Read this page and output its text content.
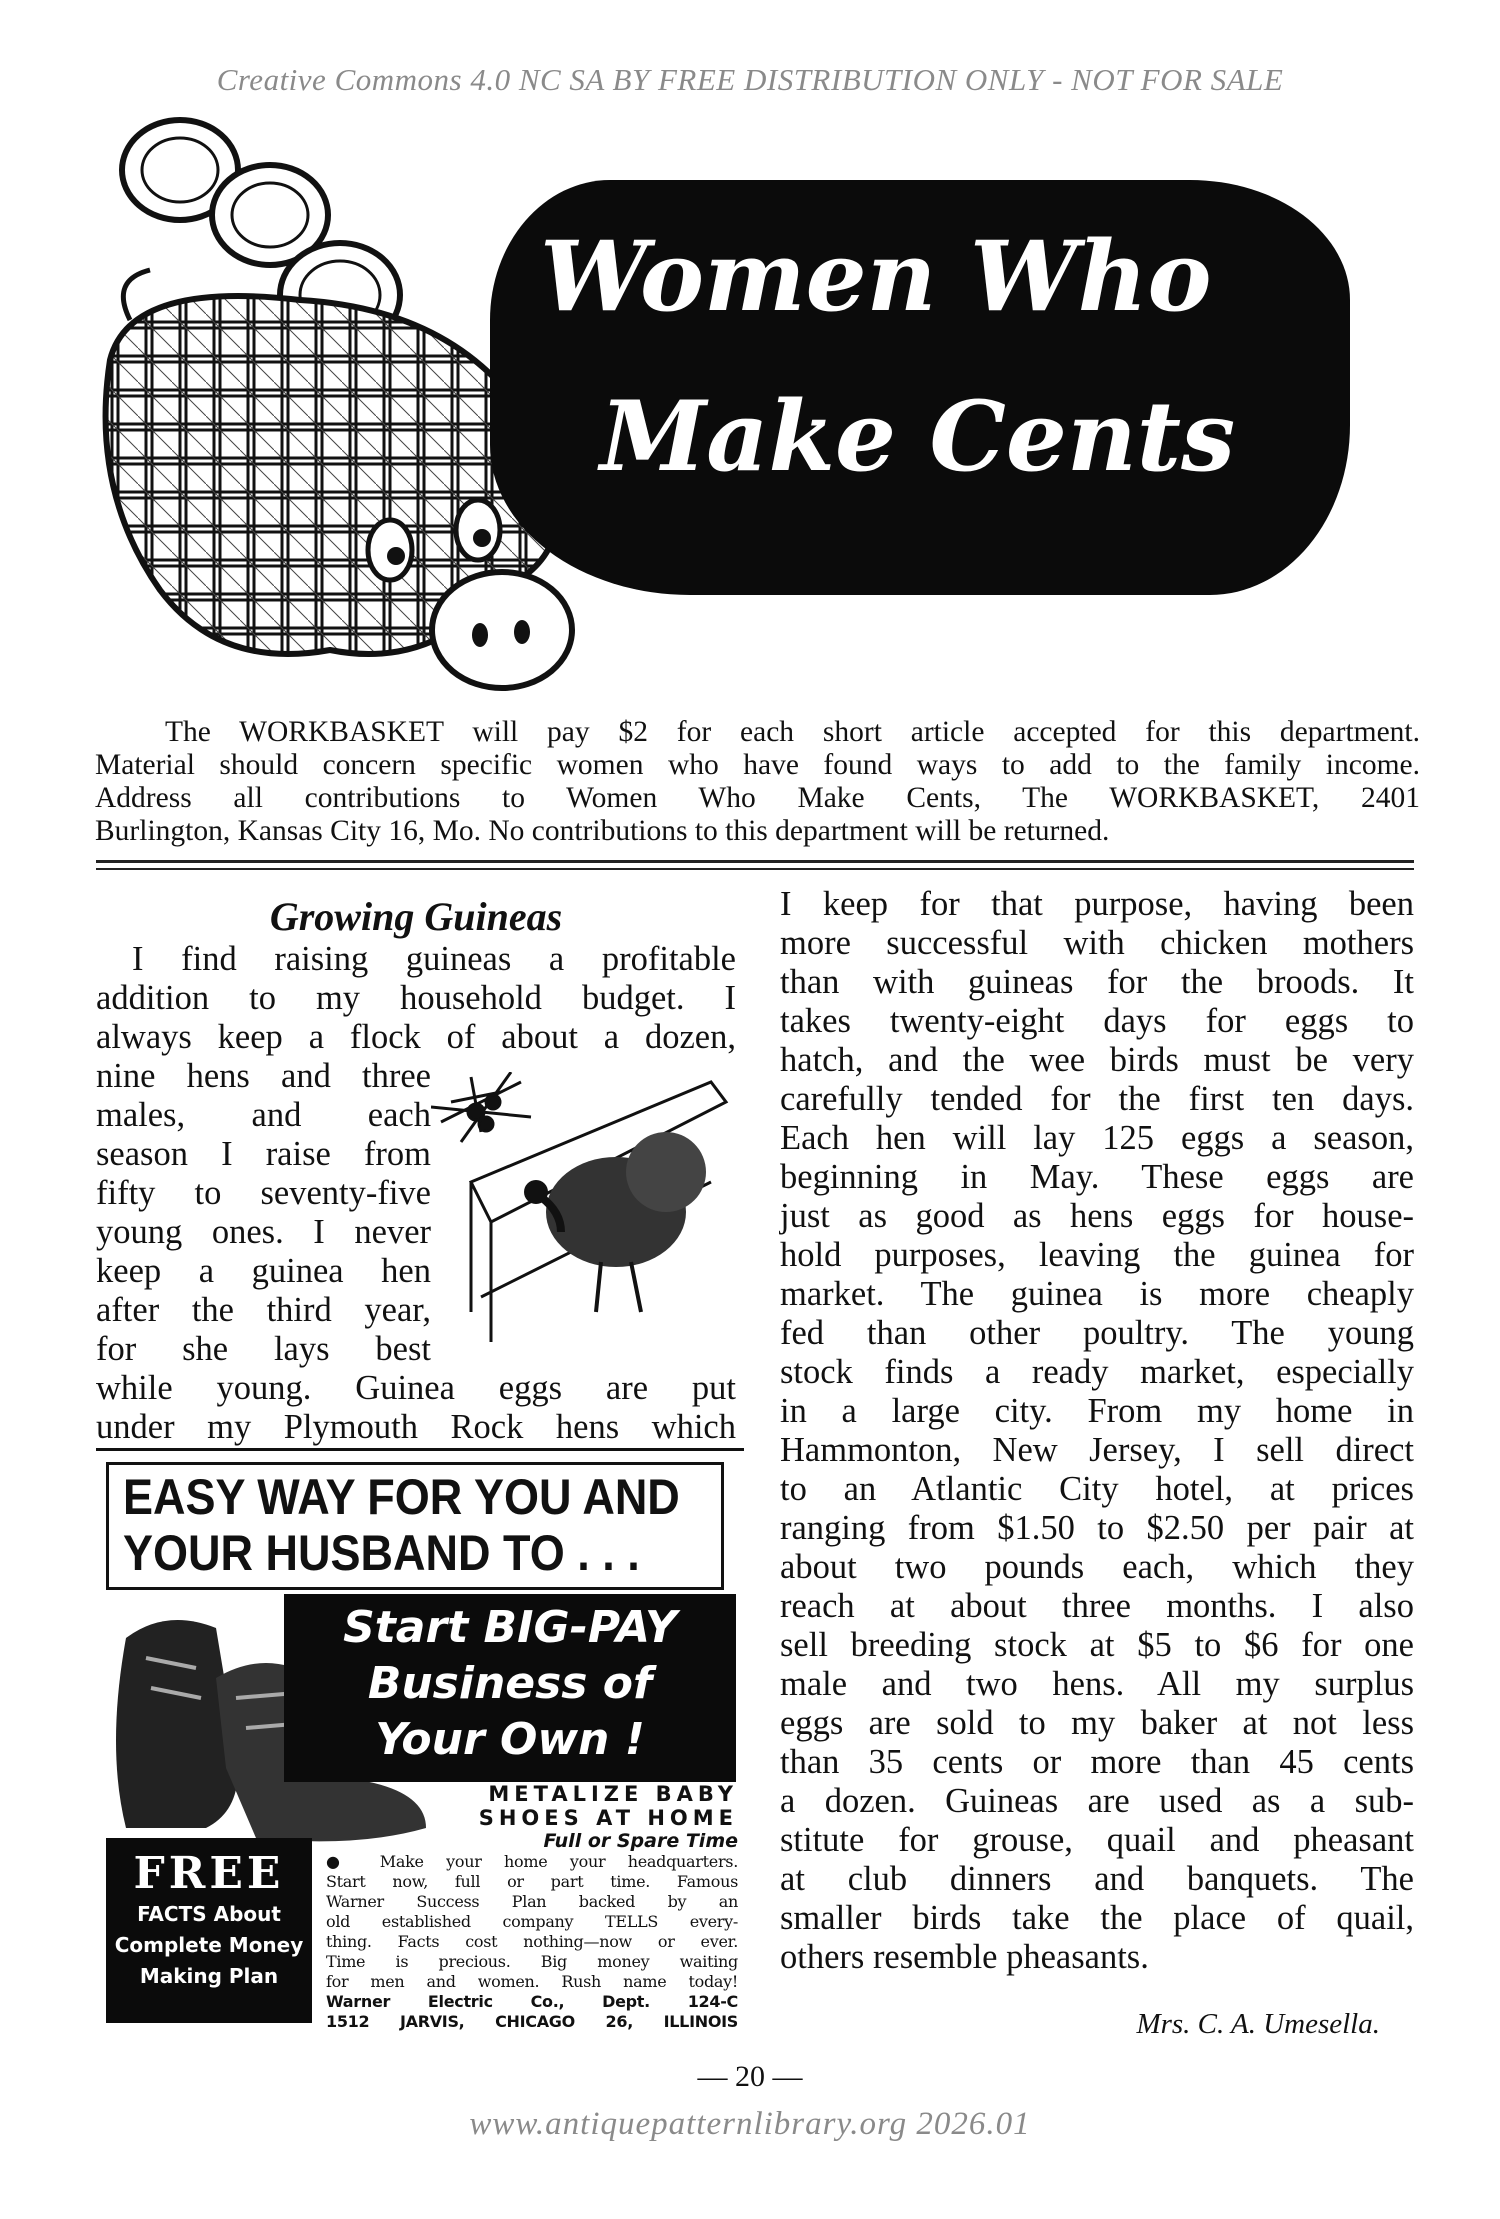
Creative Commons 4.0 NC SA BY FREE DISTRIBUTION ONLY - NOT FOR SALE
Women Who
Make Cents
The WORKBASKET will pay $2 for each short article accepted for this department.
Material should concern specific women who have found ways to add to the family income.
Address all contributions to Women Who Make Cents, The WORKBASKET, 2401
Burlington, Kansas City 16, Mo. No contributions to this department will be returned.
Growing Guineas
I find raising guineas a profitable
addition to my household budget. I
always keep a flock of about a dozen,
nine hens and three
males, and each
season I raise from
fifty to seventy-five
young ones. I never
keep a guinea hen
after the third year,
for she lays best
while young. Guinea eggs are put
under my Plymouth Rock hens which
I keep for that purpose, having been
more successful with chicken mothers
than with guineas for the broods. It
takes twenty-eight days for eggs to
hatch, and the wee birds must be very
carefully tended for the first ten days.
Each hen will lay 125 eggs a season,
beginning in May. These eggs are
just as good as hens eggs for house-
hold purposes, leaving the guinea for
market. The guinea is more cheaply
fed than other poultry. The young
stock finds a ready market, especially
in a large city. From my home in
Hammonton, New Jersey, I sell direct
to an Atlantic City hotel, at prices
ranging from $1.50 to $2.50 per pair at
about two pounds each, which they
reach at about three months. I also
sell breeding stock at $5 to $6 for one
male and two hens. All my surplus
eggs are sold to my baker at not less
than 35 cents or more than 45 cents
a dozen. Guineas are used as a sub-
stitute for grouse, quail and pheasant
at club dinners and banquets. The
smaller birds take the place of quail,
others resemble pheasants.
EASY WAY FOR YOU AND
YOUR HUSBAND TO . . .
Start BIG-PAY
Business of
Your Own !
FREE
FACTS About
Complete Money
Making Plan
METALIZE BABY
SHOES AT HOME
Full or Spare Time
● Make your home your headquarters.
Start now, full or part time. Famous
Warner Success Plan backed by an
old established company TELLS every-
thing. Facts cost nothing—now or ever.
Time is precious. Big money waiting
for men and women. Rush name today!
Warner Electric Co., Dept. 124-C
1512 JARVIS, CHICAGO 26, ILLINOIS	Mrs. C. A. Umesella.
— 20 —
www.antiquepatternlibrary.org 2026.01
